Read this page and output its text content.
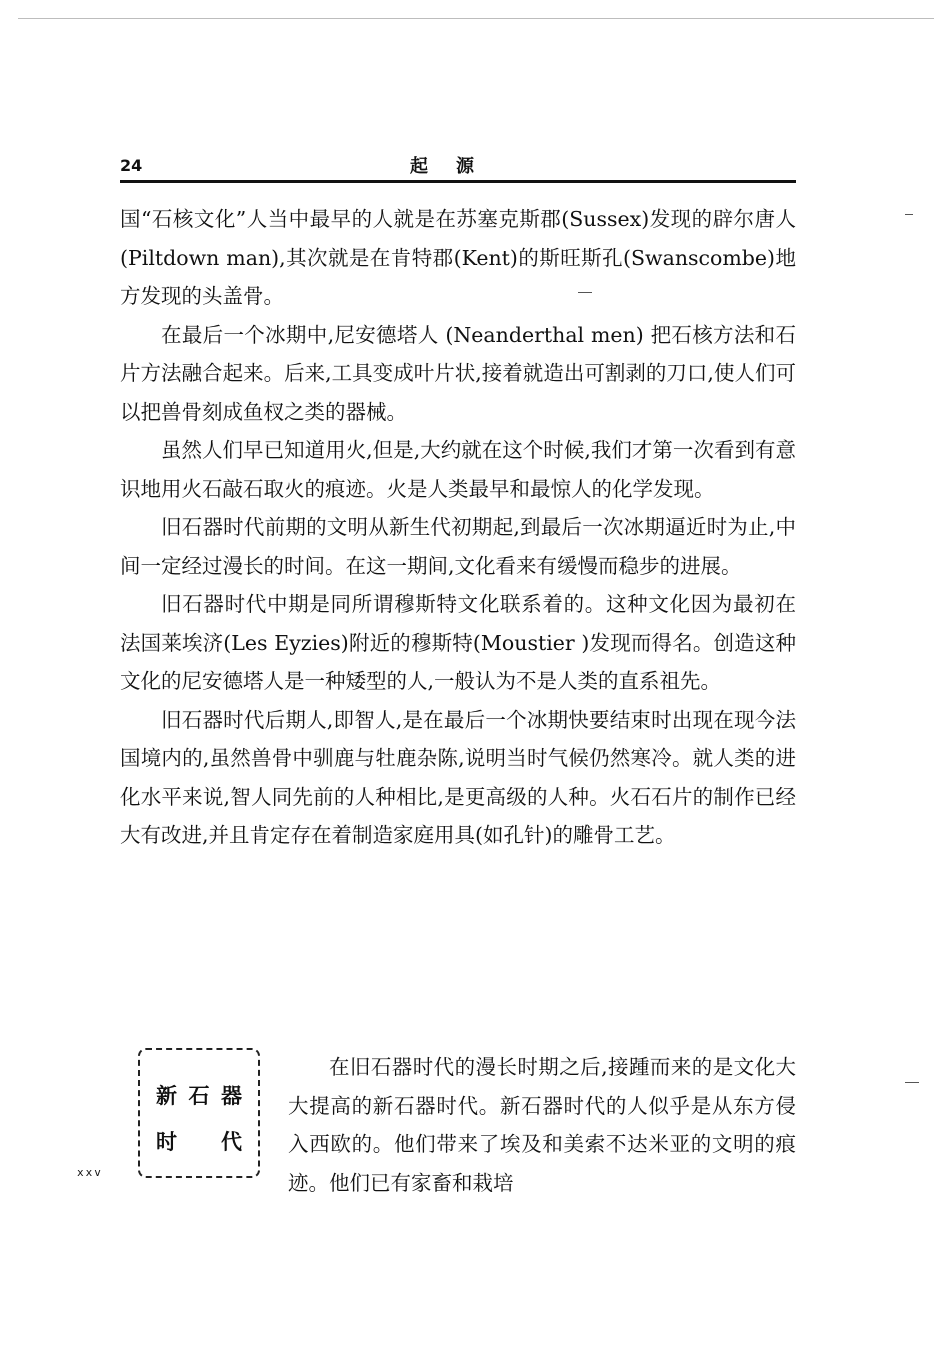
24	起源

国“石核文化”人当中最早的人就是在苏塞克斯郡(Sussex)发现的辟尔唐人(Piltdown man),其次就是在肯特郡(Kent)的斯旺斯孔(Swanscombe)地方发现的头盖骨。

在最后一个冰期中,尼安德塔人 (Neanderthal men) 把石核方法和石片方法融合起来。后来,工具变成叶片状,接着就造出可割剥的刀口,使人们可以把兽骨刻成鱼杈之类的器械。

虽然人们早已知道用火,但是,大约就在这个时候,我们才第一次看到有意识地用火石敲石取火的痕迹。火是人类最早和最惊人的化学发现。

旧石器时代前期的文明从新生代初期起,到最后一次冰期逼近时为止,中间一定经过漫长的时间。在这一期间,文化看来有缓慢而稳步的进展。

旧石器时代中期是同所谓穆斯特文化联系着的。这种文化因为最初在法国莱埃济(Les Eyzies)附近的穆斯特(Moustier )发现而得名。创造这种文化的尼安德塔人是一种矮型的人,一般认为不是人类的直系祖先。

旧石器时代后期人,即智人,是在最后一个冰期快要结束时出现在现今法国境内的,虽然兽骨中驯鹿与牡鹿杂陈,说明当时气候仍然寒冷。就人类的进化水平来说,智人同先前的人种相比,是更高级的人种。火石石片的制作已经大有改进,并且肯定存在着制造家庭用具(如孔针)的雕骨工艺。

新 石 器
时 代

在旧石器时代的漫长时期之后,接踵而来的是文化大大提高的新石器时代。新石器时代的人似乎是从东方侵入西欧的。他们带来了埃及和美索不达米亚的文明的痕迹。他们已有家畜和栽培

xxv
